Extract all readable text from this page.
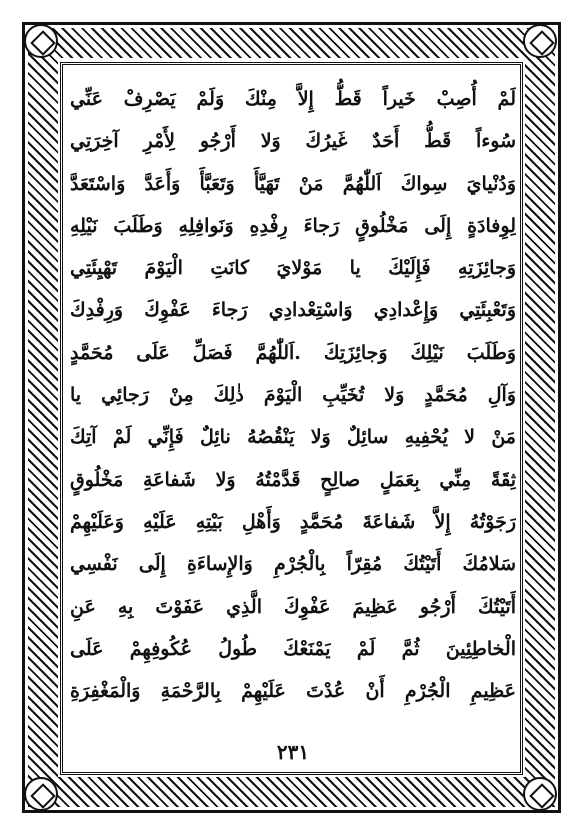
لَمْ أُصِبْ خَيراً قَطُّ إِلاَّ مِنْكَ وَلَمْ يَصْرِفْ عَنِّي
سُوءاً قَطُّ أَحَدٌ غَيرُكَ وَلا أَرْجُو لِأَمْرِ آخِرَتِي
وَدُنْيايَ سِواكَ اَللّٰهُمَّ مَنْ تَهَيَّأَ وَتَعَبَّأَ وَأَعَدَّ وَاسْتَعَدَّ
لِوِفادَةٍ إِلَى مَخْلُوقٍ رَجاءَ رِفْدِهِ وَنَوافِلِهِ وَطَلَبَ نَيْلِهِ
وَجائِزَتِهِ فَإِلَيْكَ يا مَوْلايَ كانَتِ الْيَوْمَ تَهْيِئَتِي
وَتَعْبِئَتِي وَإِعْدادِي وَاسْتِعْدادِي رَجاءَ عَفْوِكَ وَرِفْدِكَ
وَطَلَبَ نَيْلِكَ وَجائِزَتِكَ .اَللّٰهُمَّ فَصَلِّ عَلَى مُحَمَّدٍ
وَآلِ مُحَمَّدٍ وَلا تُخَيِّبِ الْيَوْمَ ذٰلِكَ مِنْ رَجائِي يا
مَنْ لا يُحْفِيهِ سائِلٌ وَلا يَنْقُصُهُ نائِلٌ فَإِنِّي لَمْ آتِكَ
ثِقَةً مِنِّي بِعَمَلٍ صالِحٍ قَدَّمْتُهُ وَلا شَفاعَةِ مَخْلُوقٍ
رَجَوْتُهُ إِلاَّ شَفاعَةَ مُحَمَّدٍ وَأَهْلِ بَيْتِهِ عَلَيْهِ وَعَلَيْهِمْ
سَلامُكَ أَتَيْتُكَ مُقِرّاً بِالْجُرْمِ وَالإِساءَةِ إِلَى نَفْسِي
أَتَيْتُكَ أَرْجُو عَظِيمَ عَفْوِكَ الَّذِي عَفَوْتَ بِهِ عَنِ
الْخاطِئِينَ ثُمَّ لَمْ يَمْنَعْكَ طُولُ عُكُوفِهِمْ عَلَى
عَظِيمِ الْجُرْمِ أَنْ عُدْتَ عَلَيْهِمْ بِالرَّحْمَةِ وَالْمَغْفِرَةِ
٢٣١
